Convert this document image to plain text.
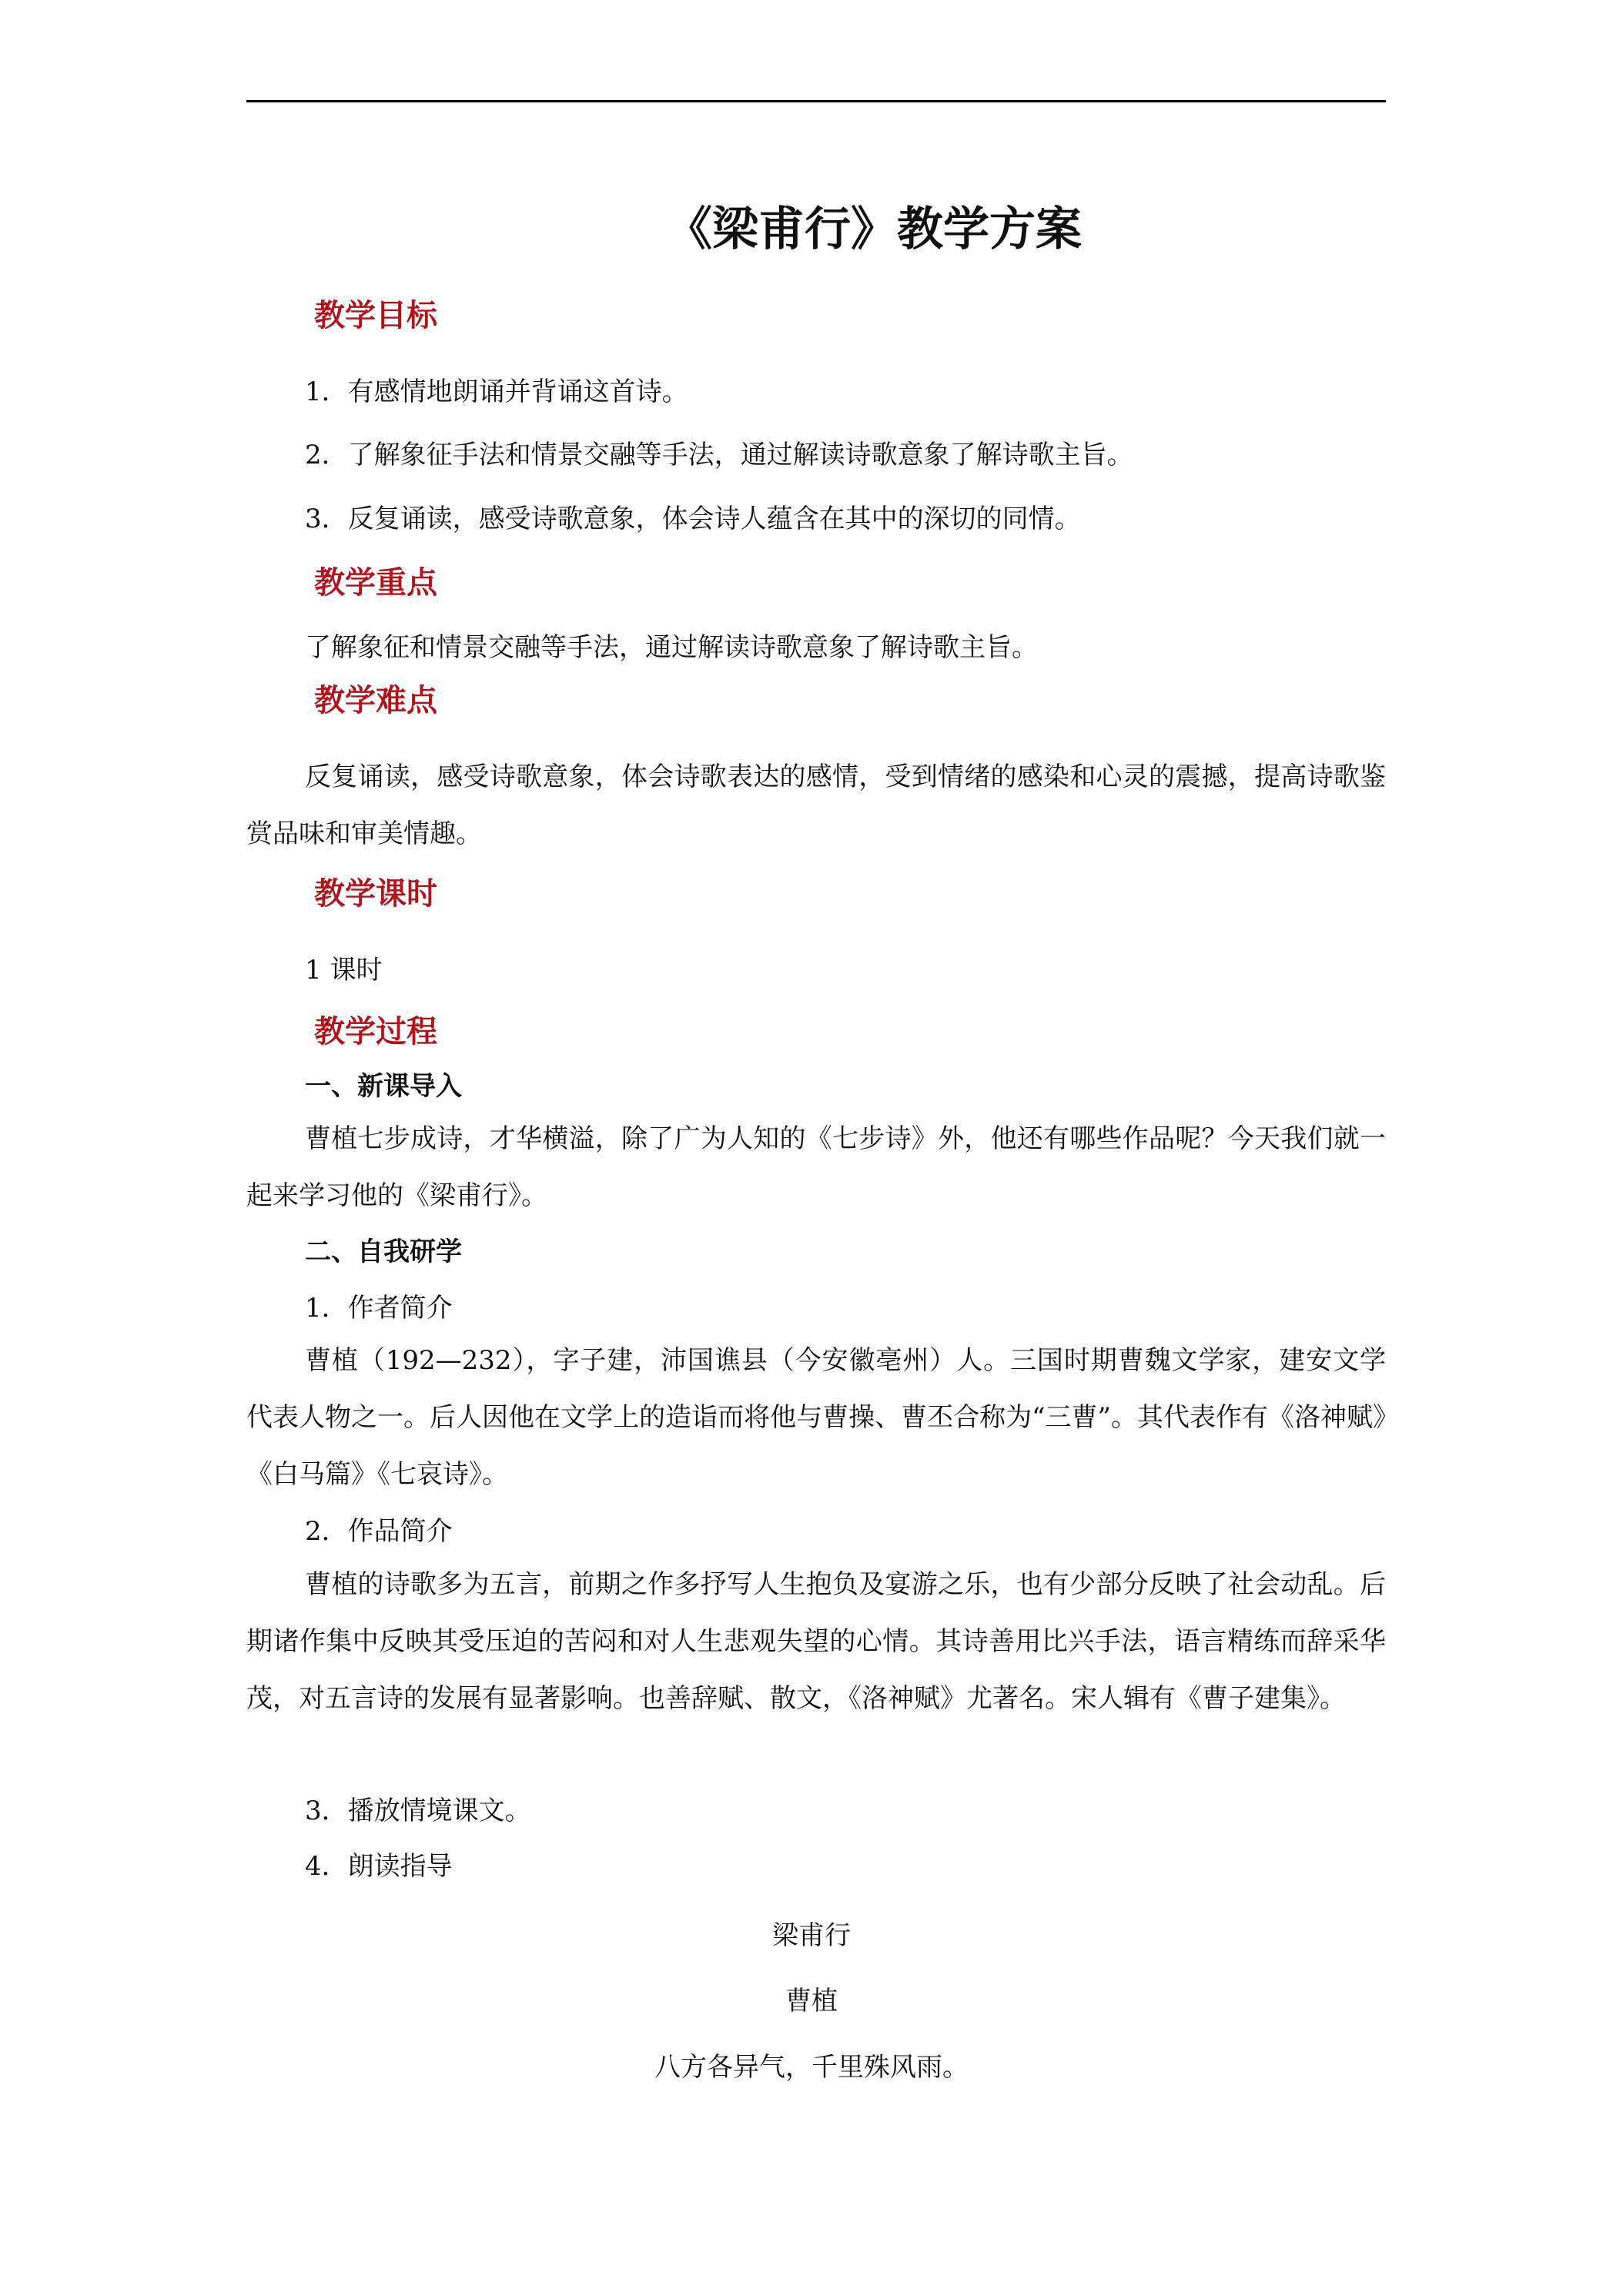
《梁甫行》教学方案
教学目标
1．有感情地朗诵并背诵这首诗。
2．了解象征手法和情景交融等手法，通过解读诗歌意象了解诗歌主旨。
3．反复诵读，感受诗歌意象，体会诗人蕴含在其中的深切的同情。
教学重点
了解象征和情景交融等手法，通过解读诗歌意象了解诗歌主旨。
教学难点

反复诵读，感受诗歌意象，体会诗歌表达的感情，受到情绪的感染和心灵的震撼，提高诗歌鉴赏品味和审美情趣。

教学课时
1 课时
教学过程
一、新课导入

曹植七步成诗，才华横溢，除了广为人知的《七步诗》外，他还有哪些作品呢？今天我们就一起来学习他的《梁甫行》。

二、自我研学
1．作者简介

曹植（192—232），字子建，沛国谯县（今安徽亳州）人。三国时期曹魏文学家，建安文学代表人物之一。后人因他在文学上的造诣而将他与曹操、曹丕合称为“三曹”。其代表作有《洛神赋》《白马篇》《七哀诗》。

2．作品简介

曹植的诗歌多为五言，前期之作多抒写人生抱负及宴游之乐，也有少部分反映了社会动乱。后期诸作集中反映其受压迫的苦闷和对人生悲观失望的心情。其诗善用比兴手法，语言精练而辞采华茂，对五言诗的发展有显著影响。也善辞赋、散文，《洛神赋》尤著名。宋人辑有《曹子建集》。

3．播放情境课文。
4．朗读指导
梁甫行
曹植
八方各异气，千里殊风雨。
